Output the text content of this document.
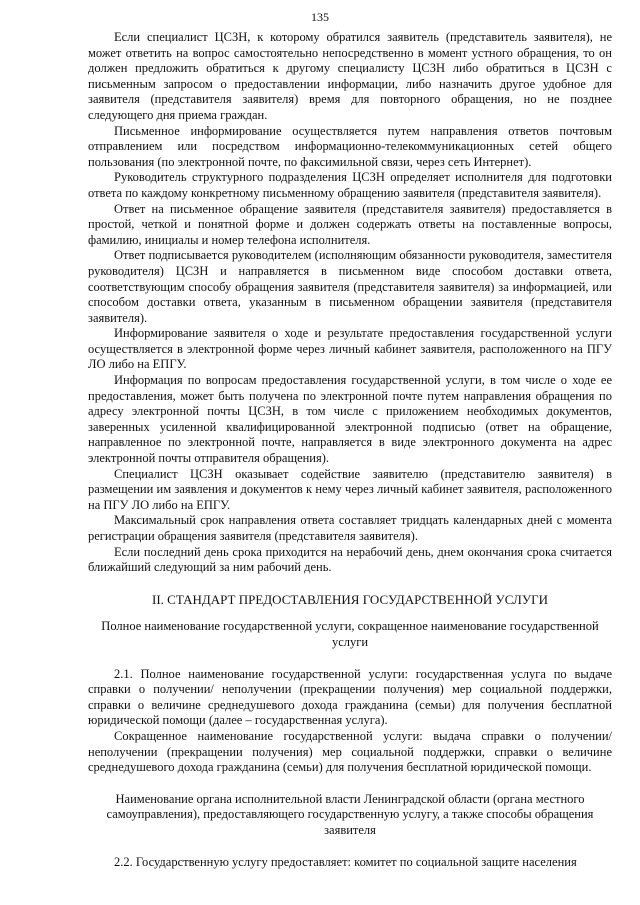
135

Если специалист ЦСЗН, к которому обратился заявитель (представитель заявителя), не может ответить на вопрос самостоятельно непосредственно в момент устного обращения, то он должен предложить обратиться к другому специалисту ЦСЗН либо обратиться в ЦСЗН с письменным запросом о предоставлении информации, либо назначить другое удобное для заявителя (представителя заявителя) время для повторного обращения, но не позднее следующего дня приема граждан.

Письменное информирование осуществляется путем направления ответов почтовым отправлением или посредством информационно-телекоммуникационных сетей общего пользования (по электронной почте, по факсимильной связи, через сеть Интернет).

Руководитель структурного подразделения ЦСЗН определяет исполнителя для подготовки ответа по каждому конкретному письменному обращению заявителя (представителя заявителя).

Ответ на письменное обращение заявителя (представителя заявителя) предоставляется в простой, четкой и понятной форме и должен содержать ответы на поставленные вопросы, фамилию, инициалы и номер телефона исполнителя.

Ответ подписывается руководителем (исполняющим обязанности руководителя, заместителя руководителя) ЦСЗН и направляется в письменном виде способом доставки ответа, соответствующим способу обращения заявителя (представителя заявителя) за информацией, или способом доставки ответа, указанным в письменном обращении заявителя (представителя заявителя).

Информирование заявителя о ходе и результате предоставления государственной услуги осуществляется в электронной форме через личный кабинет заявителя, расположенного на ПГУ ЛО либо на ЕПГУ.

Информация по вопросам предоставления государственной услуги, в том числе о ходе ее предоставления, может быть получена по электронной почте путем направления обращения по адресу электронной почты ЦСЗН, в том числе с приложением необходимых документов, заверенных усиленной квалифицированной электронной подписью (ответ на обращение, направленное по электронной почте, направляется в виде электронного документа на адрес электронной почты отправителя обращения).

Специалист ЦСЗН оказывает содействие заявителю (представителю заявителя) в размещении им заявления и документов к нему через личный кабинет заявителя, расположенного на ПГУ ЛО либо на ЕПГУ.

Максимальный срок направления ответа составляет тридцать календарных дней с момента регистрации обращения заявителя (представителя заявителя).

Если последний день срока приходится на нерабочий день, днем окончания срока считается ближайший следующий за ним рабочий день.

II. СТАНДАРТ ПРЕДОСТАВЛЕНИЯ ГОСУДАРСТВЕННОЙ УСЛУГИ

Полное наименование государственной услуги, сокращенное наименование государственной услуги

2.1. Полное наименование государственной услуги: государственная услуга по выдаче справки о получении/ неполучении (прекращении получения) мер социальной поддержки, справки о величине среднедушевого дохода гражданина (семьи) для получения бесплатной юридической помощи (далее – государственная услуга).

Сокращенное наименование государственной услуги: выдача справки о получении/ неполучении (прекращении получения) мер социальной поддержки, справки о величине среднедушевого дохода гражданина (семьи) для получения бесплатной юридической помощи.

Наименование органа исполнительной власти Ленинградской области (органа местного самоуправления), предоставляющего государственную услугу, а также способы обращения заявителя

2.2. Государственную услугу предоставляет: комитет по социальной защите населения
